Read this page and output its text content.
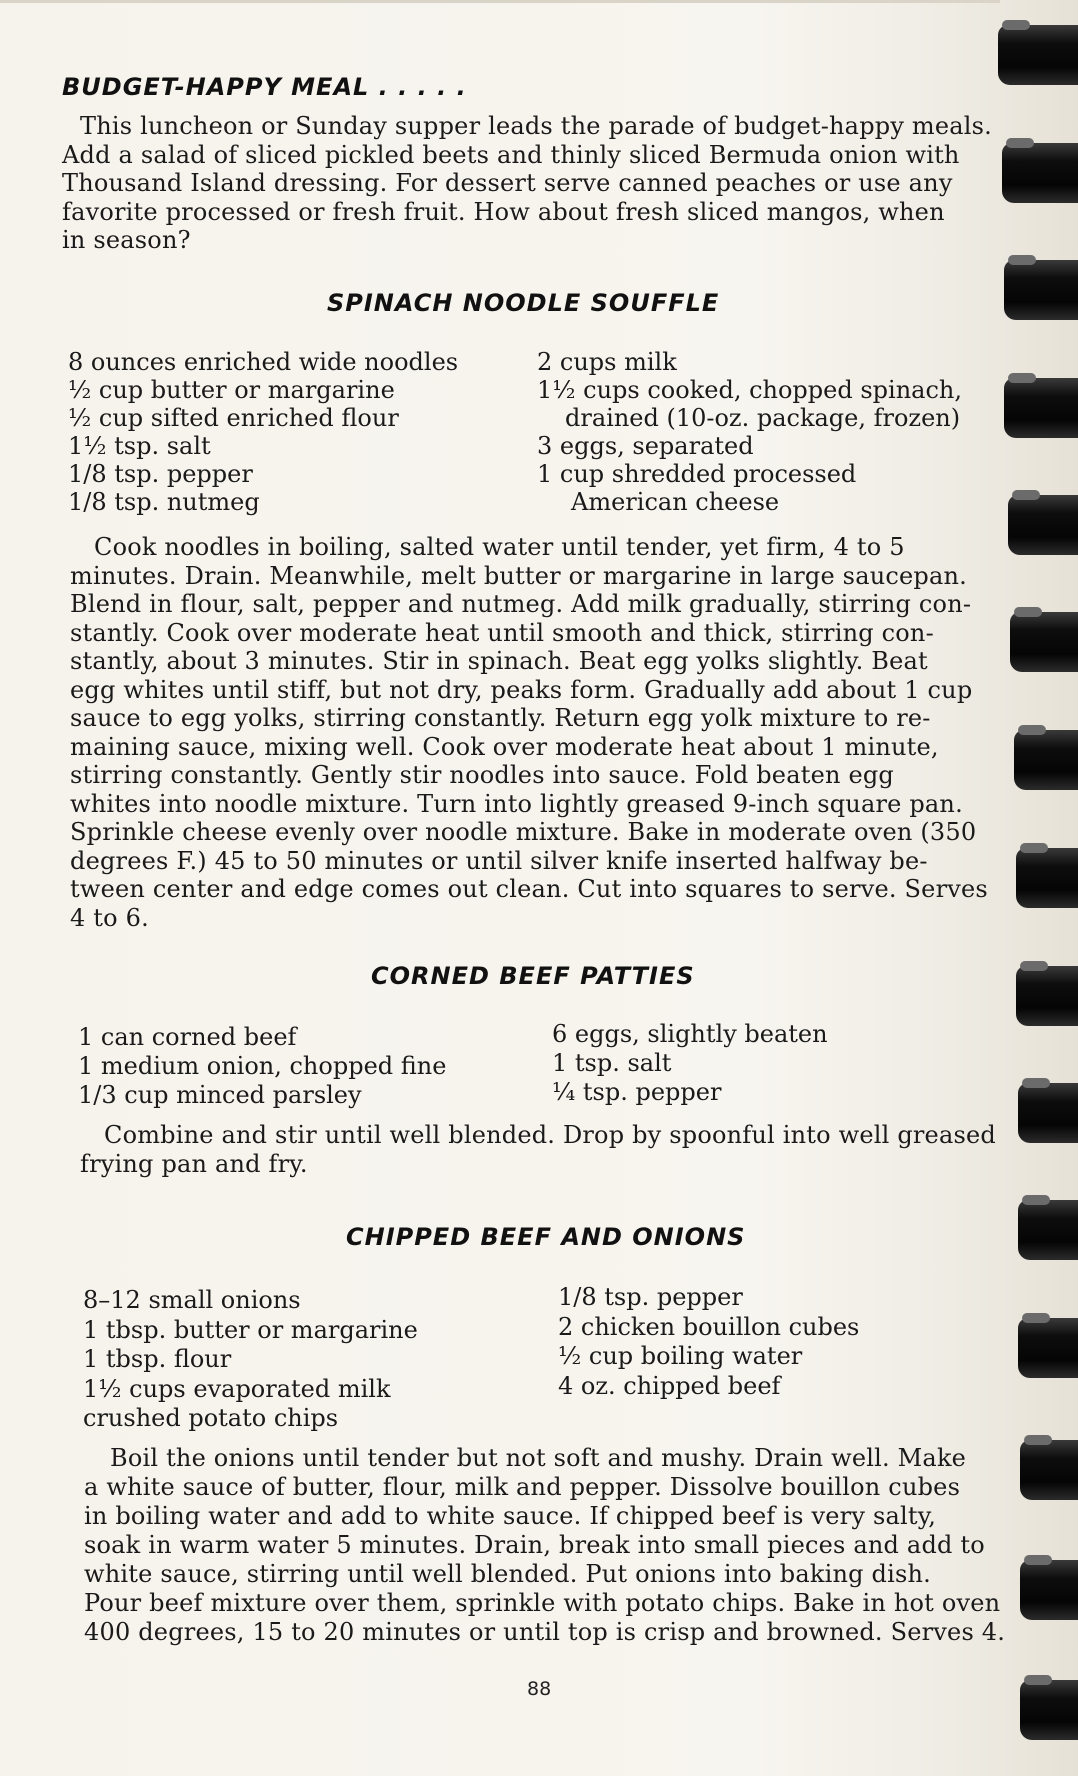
BUDGET-HAPPY MEAL . . . . .
This luncheon or Sunday supper leads the parade of budget-happy meals.
Add a salad of sliced pickled beets and thinly sliced Bermuda onion with
Thousand Island dressing. For dessert serve canned peaches or use any
favorite processed or fresh fruit. How about fresh sliced mangos, when
in season?
SPINACH NOODLE SOUFFLE
8 ounces enriched wide noodles
½ cup butter or margarine
½ cup sifted enriched flour
1½ tsp. salt
1/8 tsp. pepper
1/8 tsp. nutmeg
2 cups milk
1½ cups cooked, chopped spinach,
drained (10-oz. package, frozen)
3 eggs, separated
1 cup shredded processed
American cheese
Cook noodles in boiling, salted water until tender, yet firm, 4 to 5
minutes. Drain. Meanwhile, melt butter or margarine in large saucepan.
Blend in flour, salt, pepper and nutmeg. Add milk gradually, stirring con-
stantly. Cook over moderate heat until smooth and thick, stirring con-
stantly, about 3 minutes. Stir in spinach. Beat egg yolks slightly. Beat
egg whites until stiff, but not dry, peaks form. Gradually add about 1 cup
sauce to egg yolks, stirring constantly. Return egg yolk mixture to re-
maining sauce, mixing well. Cook over moderate heat about 1 minute,
stirring constantly. Gently stir noodles into sauce. Fold beaten egg
whites into noodle mixture. Turn into lightly greased 9-inch square pan.
Sprinkle cheese evenly over noodle mixture. Bake in moderate oven (350
degrees F.) 45 to 50 minutes or until silver knife inserted halfway be-
tween center and edge comes out clean. Cut into squares to serve. Serves
4 to 6.
CORNED BEEF PATTIES
1 can corned beef
1 medium onion, chopped fine
1/3 cup minced parsley
6 eggs, slightly beaten
1 tsp. salt
¼ tsp. pepper
Combine and stir until well blended. Drop by spoonful into well greased
frying pan and fry.
CHIPPED BEEF AND ONIONS
8–12 small onions
1 tbsp. butter or margarine
1 tbsp. flour
1½ cups evaporated milk
crushed potato chips
1/8 tsp. pepper
2 chicken bouillon cubes
½ cup boiling water
4 oz. chipped beef
Boil the onions until tender but not soft and mushy. Drain well. Make
a white sauce of butter, flour, milk and pepper. Dissolve bouillon cubes
in boiling water and add to white sauce. If chipped beef is very salty,
soak in warm water 5 minutes. Drain, break into small pieces and add to
white sauce, stirring until well blended. Put onions into baking dish.
Pour beef mixture over them, sprinkle with potato chips. Bake in hot oven
400 degrees, 15 to 20 minutes or until top is crisp and browned. Serves 4.
88
